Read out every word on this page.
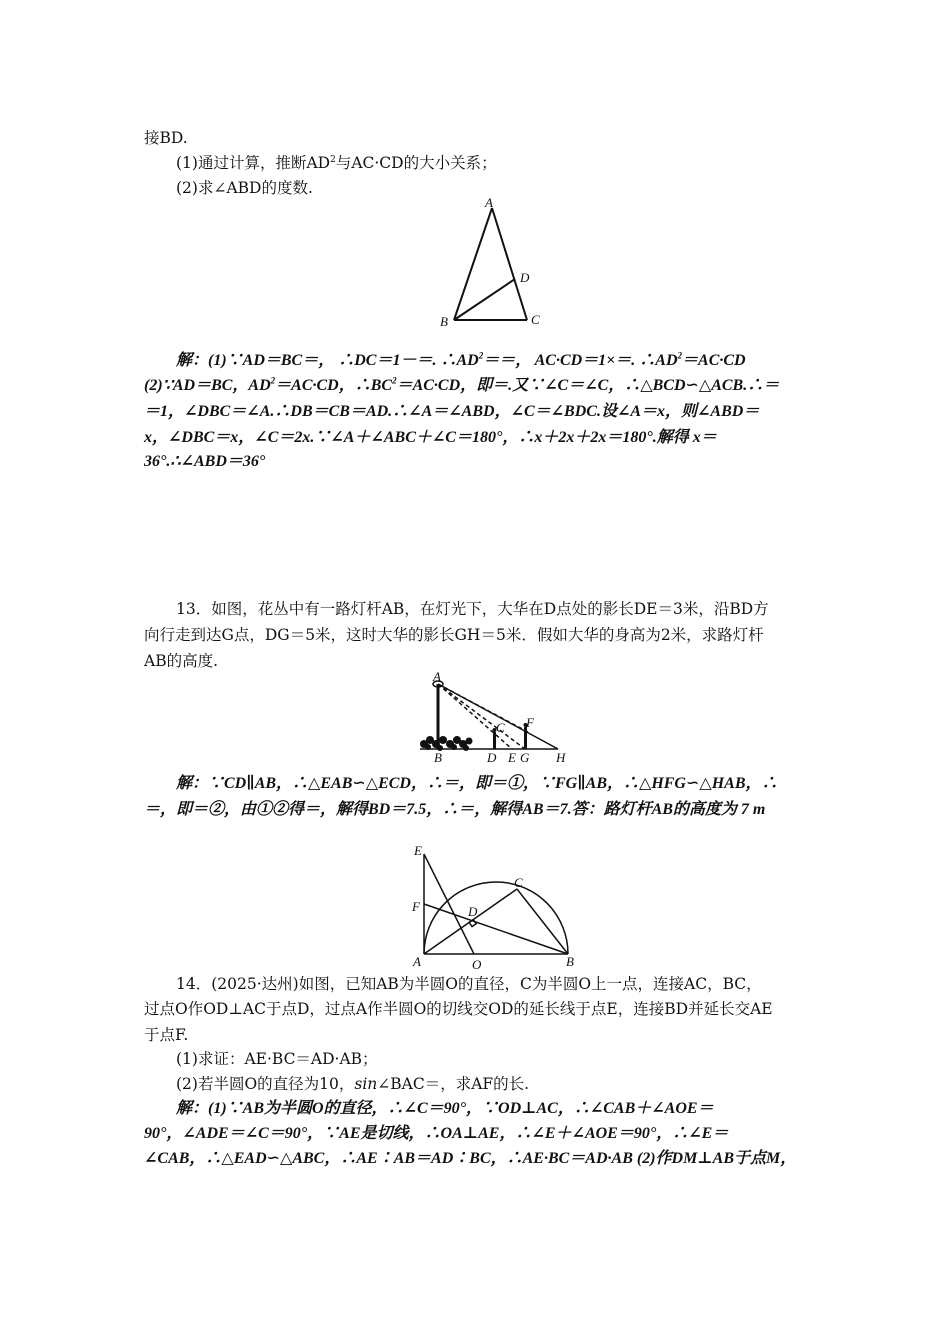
接BD.
(1)通过计算，推断$AD^2$与AC·CD的大小关系；
(2)求∠ABD的度数.
A
D
C
B
解：(1)∵AD＝BC＝， ∴DC＝1－＝. $\therefore AD^2==$， AC·CD＝1×＝. $\therefore AD^2=AC\cdot CD$
(2)∵AD＝BC，$AD^2=AC\cdot CD$，$\therefore BC^2=AC\cdot CD$，即＝.又∵∠C＝∠C，∴△BCD∽△ACB.∴＝
＝1，∠DBC＝∠A.∴DB＝CB＝AD.∴∠A＝∠ABD，∠C＝∠BDC.设∠A＝x，则∠ABD＝
x，∠DBC＝x，∠C＝2x.∵∠A＋∠ABC＋∠C＝180°，∴x＋2x＋2x＝180°.解得 x＝
36°.∴∠ABD＝36°
13．如图，花丛中有一路灯杆AB，在灯光下，大华在D点处的影长DE＝3米，沿BD方
向行走到达G点，DG＝5米，这时大华的影长GH＝5米．假如大华的身高为2米，求路灯杆
AB的高度.
A
B
C F
D E G H
解：∵CD∥AB，∴△EAB∽△ECD，∴＝，即＝①，∵FG∥AB，∴△HFG∽△HAB，∴
＝，即＝②，由①②得＝，解得BD＝7.5，∴＝，解得AB＝7.答：路灯杆AB的高度为 7 m
E
F	D
C
A	O	B
14．(2025·达州)如图，已知AB为半圆O的直径，C为半圆O上一点，连接AC，BC，
过点O作OD⊥AC于点D，过点A作半圆O的切线交OD的延长线于点E，连接BD并延长交AE
于点F.
(1)求证：AE·BC＝AD·AB；
(2)若半圆O的直径为10，sin∠BAC＝，求AF的长.
解：(1)∵AB为半圆O的直径，∴∠C＝90°，∵OD⊥AC，∴∠CAB＋∠AOE＝
90°，∠ADE＝∠C＝90°，∵AE是切线，∴OA⊥AE，∴∠E＋∠AOE＝90°，∴∠E＝
∠CAB，∴△EAD∽△ABC，∴AE∶AB＝AD∶BC，∴AE·BC＝AD·AB (2)作DM⊥AB于点M，
